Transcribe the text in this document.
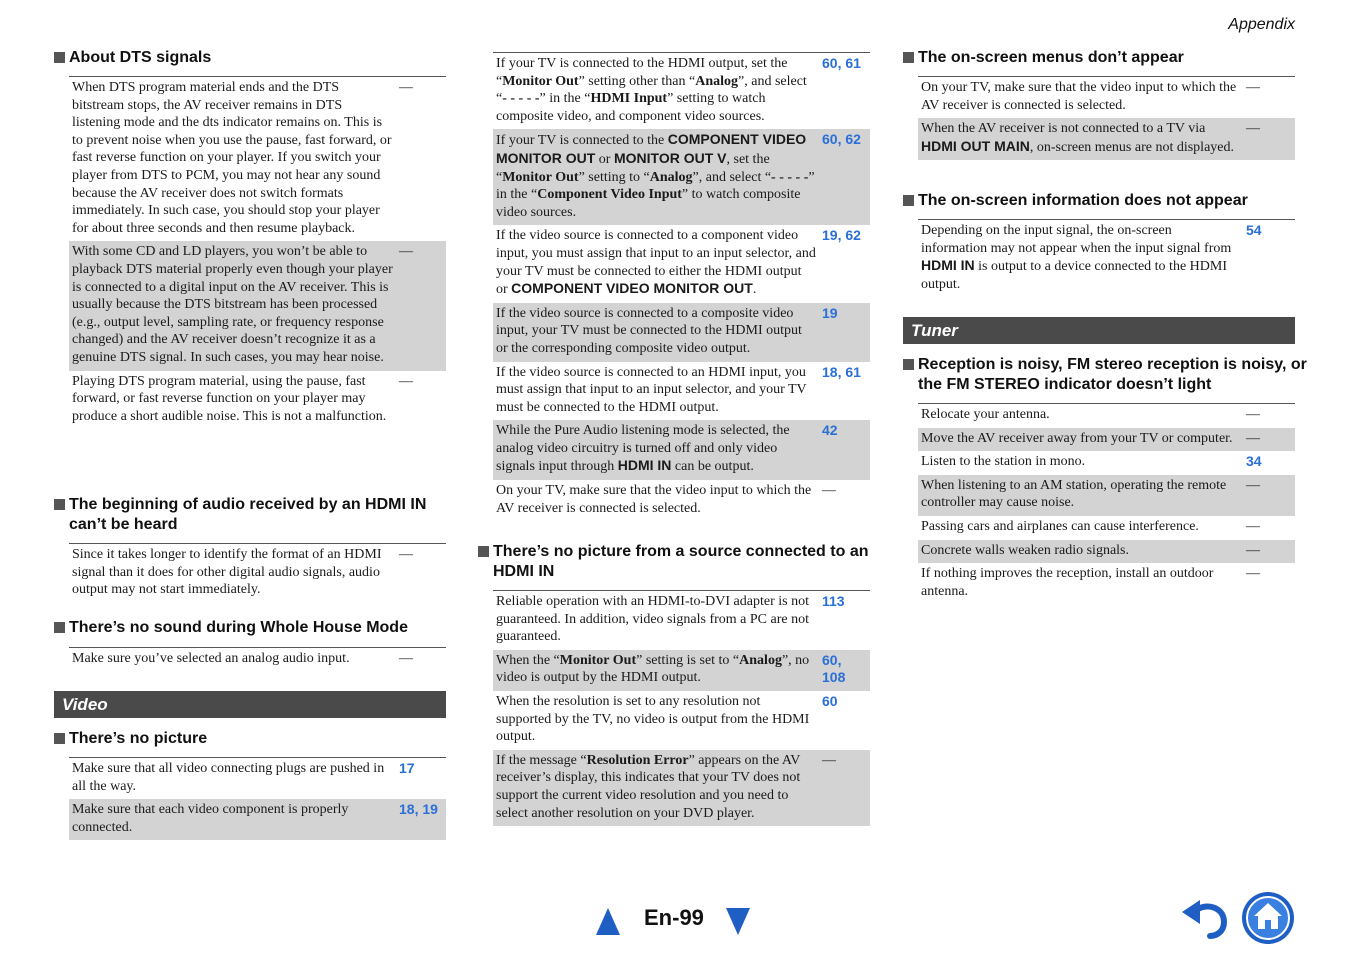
Appendix
About DTS signals
When DTS program material ends and the DTS bitstream stops, the AV receiver remains in DTS listening mode and the dts indicator remains on. This is to prevent noise when you use the pause, fast forward, or fast reverse function on your player. If you switch your player from DTS to PCM, you may not hear any sound because the AV receiver does not switch formats immediately. In such case, you should stop your player for about three seconds and then resume playback.	—
With some CD and LD players, you won’t be able to playback DTS material properly even though your player is connected to a digital input on the AV receiver. This is usually because the DTS bitstream has been processed (e.g., output level, sampling rate, or frequency response changed) and the AV receiver doesn’t recognize it as a genuine DTS signal. In such cases, you may hear noise.	—
Playing DTS program material, using the pause, fast forward, or fast reverse function on your player may produce a short audible noise. This is not a malfunction.	—
The beginning of audio received by an HDMI IN can’t be heard
Since it takes longer to identify the format of an HDMI signal than it does for other digital audio signals, audio output may not start immediately.	—
There’s no sound during Whole House Mode
Make sure you’ve selected an analog audio input.	—
Video
There’s no picture
Make sure that all video connecting plugs are pushed in all the way.	17
Make sure that each video component is properly connected.	18, 19
If your TV is connected to the HDMI output, set the “Monitor Out” setting other than “Analog”, and select “- - - - -” in the “HDMI Input” setting to watch composite video, and component video sources.	60, 61
If your TV is connected to the COMPONENT VIDEO MONITOR OUT or MONITOR OUT V, set the “Monitor Out” setting to “Analog”, and select “- - - - -” in the “Component Video Input” to watch composite video sources.	60, 62
If the video source is connected to a component video input, you must assign that input to an input selector, and your TV must be connected to either the HDMI output or COMPONENT VIDEO MONITOR OUT.	19, 62
If the video source is connected to a composite video input, your TV must be connected to the HDMI output or the corresponding composite video output.	19
If the video source is connected to an HDMI input, you must assign that input to an input selector, and your TV must be connected to the HDMI output.	18, 61
While the Pure Audio listening mode is selected, the analog video circuitry is turned off and only video signals input through HDMI IN can be output.	42
On your TV, make sure that the video input to which the AV receiver is connected is selected.	—
There’s no picture from a source connected to an HDMI IN
Reliable operation with an HDMI-to-DVI adapter is not guaranteed. In addition, video signals from a PC are not guaranteed.	113
When the “Monitor Out” setting is set to “Analog”, no video is output by the HDMI output.	60, 108
When the resolution is set to any resolution not supported by the TV, no video is output from the HDMI output.	60
If the message “Resolution Error” appears on the AV receiver’s display, this indicates that your TV does not support the current video resolution and you need to select another resolution on your DVD player.	—
The on-screen menus don’t appear
On your TV, make sure that the video input to which the AV receiver is connected is selected.	—
When the AV receiver is not connected to a TV via HDMI OUT MAIN, on-screen menus are not displayed.	—
The on-screen information does not appear
Depending on the input signal, the on-screen information may not appear when the input signal from HDMI IN is output to a device connected to the HDMI output.	54
Tuner
Reception is noisy, FM stereo reception is noisy, or the FM STEREO indicator doesn’t light
Relocate your antenna.	—
Move the AV receiver away from your TV or computer.	—
Listen to the station in mono.	34
When listening to an AM station, operating the remote controller may cause noise.	—
Passing cars and airplanes can cause interference.	—
Concrete walls weaken radio signals.	—
If nothing improves the reception, install an outdoor antenna.	—
En-99
